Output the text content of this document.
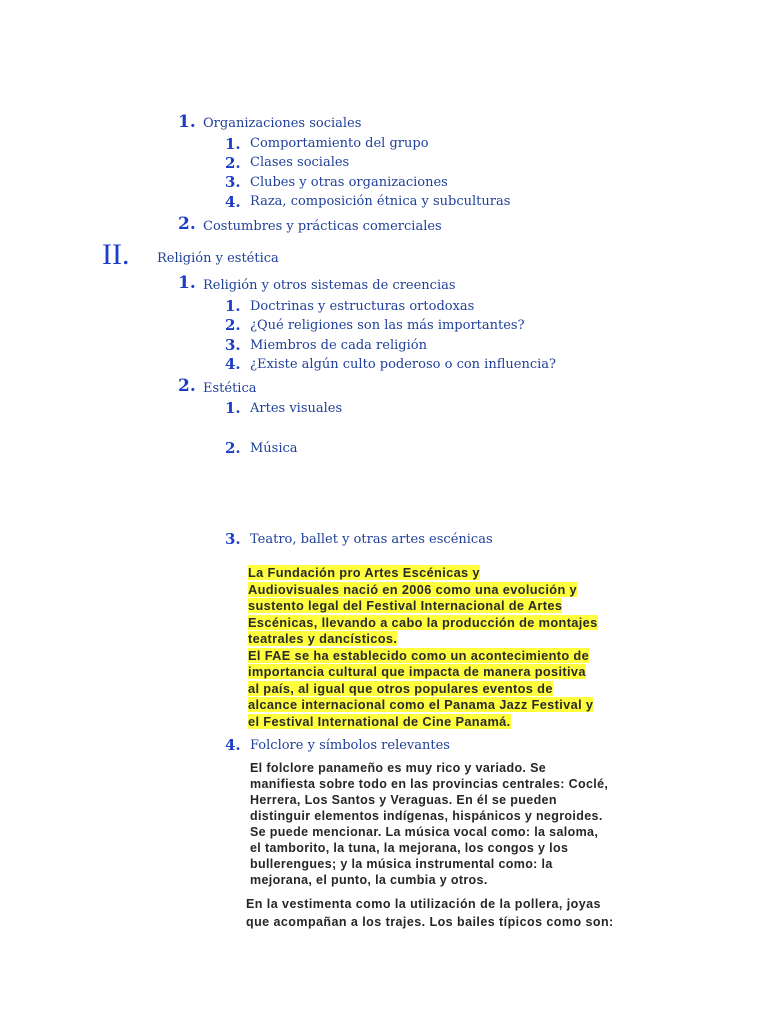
1. Organizaciones sociales
1. Comportamiento del grupo
2. Clases sociales
3. Clubes y otras organizaciones
4. Raza, composición étnica y subculturas
2. Costumbres y prácticas comerciales
II. Religión y estética
1. Religión y otros sistemas de creencias
1. Doctrinas y estructuras ortodoxas
2. ¿Qué religiones son las más importantes?
3. Miembros de cada religión
4. ¿Existe algún culto poderoso o con influencia?
2. Estética
1. Artes visuales
2. Música
3. Teatro, ballet y otras artes escénicas
La Fundación pro Artes Escénicas y
Audiovisuales nació en 2006 como una evolución y
sustento legal del Festival Internacional de Artes
Escénicas, llevando a cabo la producción de montajes
teatrales y dancísticos.
El FAE se ha establecido como un acontecimiento de
importancia cultural que impacta de manera positiva
al país, al igual que otros populares eventos de
alcance internacional como el Panama Jazz Festival y
el Festival International de Cine Panamá.
4. Folclore y símbolos relevantes
El folclore panameño es muy rico y variado. Se
manifiesta sobre todo en las provincias centrales: Coclé,
Herrera, Los Santos y Veraguas. En él se pueden
distinguir elementos indígenas, hispánicos y negroides.
Se puede mencionar. La música vocal como: la saloma,
el tamborito, la tuna, la mejorana, los congos y los
bullerengues; y la música instrumental como: la
mejorana, el punto, la cumbia y otros.
En la vestimenta como la utilización de la pollera, joyas
que acompañan a los trajes. Los bailes típicos como son:
